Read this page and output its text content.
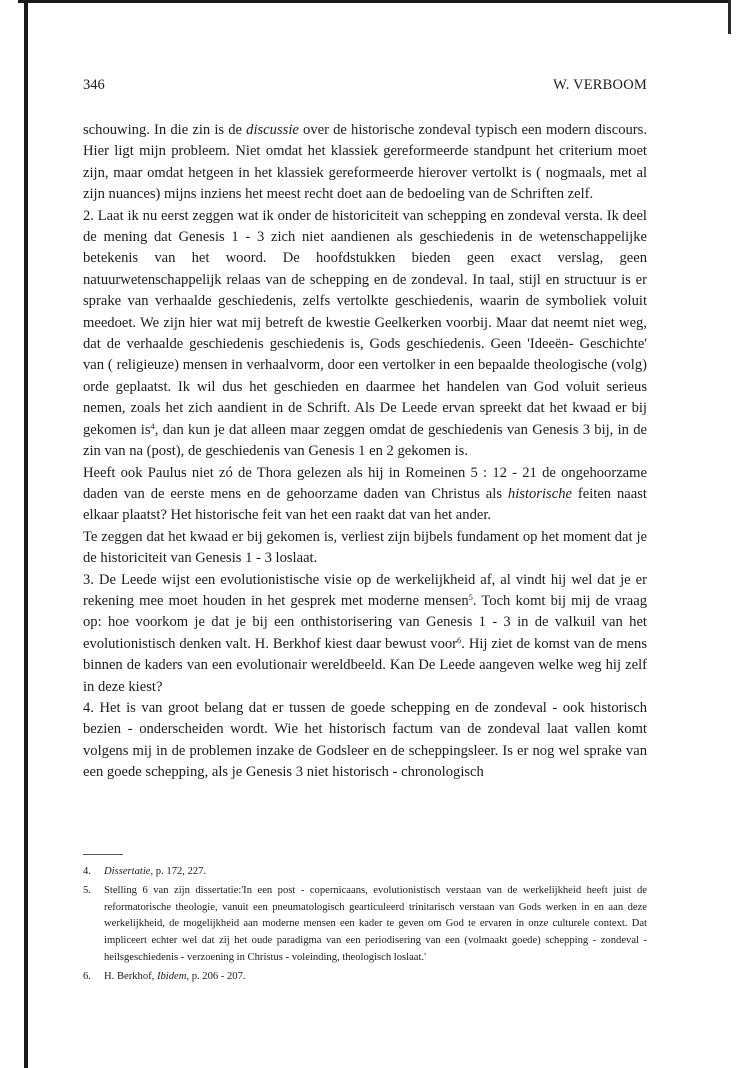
346	W. VERBOOM

schouwing. In die zin is de discussie over de historische zondeval typisch een modern discours. Hier ligt mijn probleem. Niet omdat het klassiek gereformeerde standpunt het criterium moet zijn, maar omdat hetgeen in het klassiek gereformeerde hierover vertolkt is ( nogmaals, met al zijn nuances) mijns inziens het meest recht doet aan de bedoeling van de Schriften zelf.

2. Laat ik nu eerst zeggen wat ik onder de historiciteit van schepping en zondeval versta. Ik deel de mening dat Genesis 1 - 3 zich niet aandienen als geschiedenis in de wetenschappelijke betekenis van het woord. De hoofdstukken bieden geen exact verslag, geen natuurwetenschappelijk relaas van de schepping en de zondeval. In taal, stijl en structuur is er sprake van verhaalde geschiedenis, zelfs vertolkte geschiedenis, waarin de symboliek voluit meedoet. We zijn hier wat mij betreft de kwestie Geelkerken voorbij. Maar dat neemt niet weg, dat de verhaalde geschiedenis geschiedenis is, Gods geschiedenis. Geen 'Ideeën- Geschichte' van ( religieuze) mensen in verhaalvorm, door een vertolker in een bepaalde theologische (volg) orde geplaatst. Ik wil dus het geschieden en daarmee het handelen van God voluit serieus nemen, zoals het zich aandient in de Schrift. Als De Leede ervan spreekt dat het kwaad er bij gekomen $is^4$, dan kun je dat alleen maar zeggen omdat de geschiedenis van Genesis 3 bij, in de zin van na (post), de geschiedenis van Genesis 1 en 2 gekomen is.

Heeft ook Paulus niet zó de Thora gelezen als hij in Romeinen 5 : 12 - 21 de ongehoorzame daden van de eerste mens en de gehoorzame daden van Christus als historische feiten naast elkaar plaatst? Het historische feit van het een raakt dat van het ander.

Te zeggen dat het kwaad er bij gekomen is, verliest zijn bijbels fundament op het moment dat je de historiciteit van Genesis 1 - 3 loslaat.

3. De Leede wijst een evolutionistische visie op de werkelijkheid af, al vindt hij wel dat je er rekening mee moet houden in het gesprek met moderne mensen$^5$. Toch komt bij mij de vraag op: hoe voorkom je dat je bij een onthistorisering van Genesis 1 - 3 in de valkuil van het evolutionistisch denken valt. H. Berkhof kiest daar bewust voor$^6$. Hij ziet de komst van de mens binnen de kaders van een evolutionair wereldbeeld. Kan De Leede aangeven welke weg hij zelf in deze kiest?

4. Het is van groot belang dat er tussen de goede schepping en de zondeval - ook historisch bezien - onderscheiden wordt. Wie het historisch factum van de zondeval laat vallen komt volgens mij in de problemen inzake de Godsleer en de scheppingsleer. Is er nog wel sprake van een goede schepping, als je Genesis 3 niet historisch - chronologisch

4. Dissertatie, p. 172, 227.

5. Stelling 6 van zijn dissertatie:'In een post - copernicaans, evolutionistisch verstaan van de werkelijkheid heeft juist de reformatorische theologie, vanuit een pneumatologisch gearticuleerd trinitarisch verstaan van Gods werken in en aan deze werkelijkheid, de mogelijkheid aan moderne mensen een kader te geven om God te ervaren in onze culturele context. Dat impliceert echter wel dat zij het oude paradigma van een periodisering van een (volmaakt goede) schepping - zondeval - heilsgeschiedenis - verzoening in Christus - voleinding, theologisch loslaat.'

6. H. Berkhof, Ibidem, p. 206 - 207.
